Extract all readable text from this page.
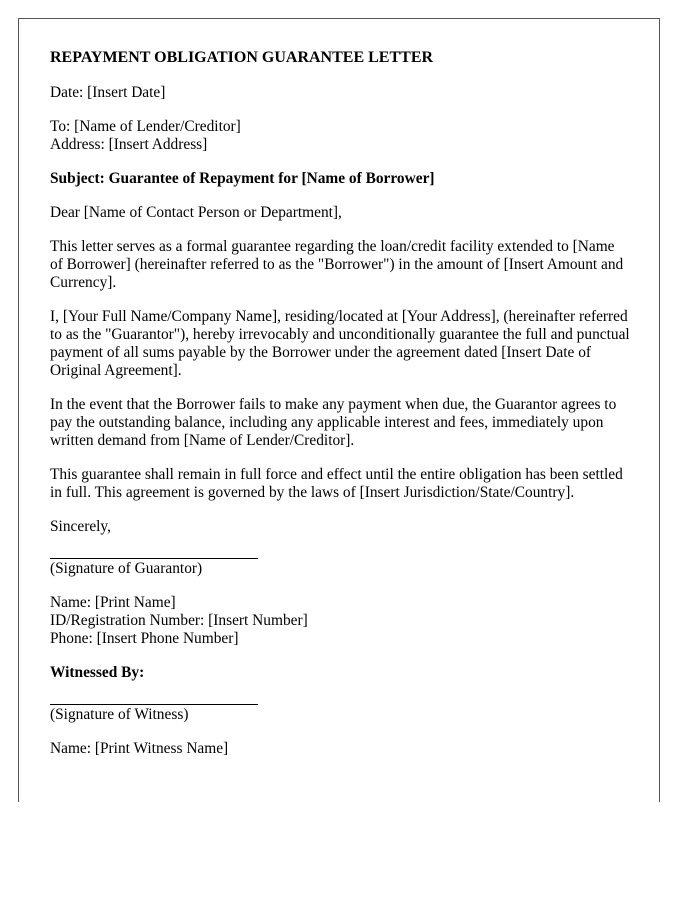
REPAYMENT OBLIGATION GUARANTEE LETTER

Date: [Insert Date]

To: [Name of Lender/Creditor]
Address: [Insert Address]

Subject: Guarantee of Repayment for [Name of Borrower]

Dear [Name of Contact Person or Department],

This letter serves as a formal guarantee regarding the loan/credit facility extended to [Name of Borrower] (hereinafter referred to as the "Borrower") in the amount of [Insert Amount and Currency].

I, [Your Full Name/Company Name], residing/located at [Your Address], (hereinafter referred to as the "Guarantor"), hereby irrevocably and unconditionally guarantee the full and punctual payment of all sums payable by the Borrower under the agreement dated [Insert Date of Original Agreement].

In the event that the Borrower fails to make any payment when due, the Guarantor agrees to pay the outstanding balance, including any applicable interest and fees, immediately upon written demand from [Name of Lender/Creditor].

This guarantee shall remain in full force and effect until the entire obligation has been settled in full. This agreement is governed by the laws of [Insert Jurisdiction/State/Country].

Sincerely,

(Signature of Guarantor)

Name: [Print Name]
ID/Registration Number: [Insert Number]
Phone: [Insert Phone Number]

Witnessed By:

(Signature of Witness)

Name: [Print Witness Name]
